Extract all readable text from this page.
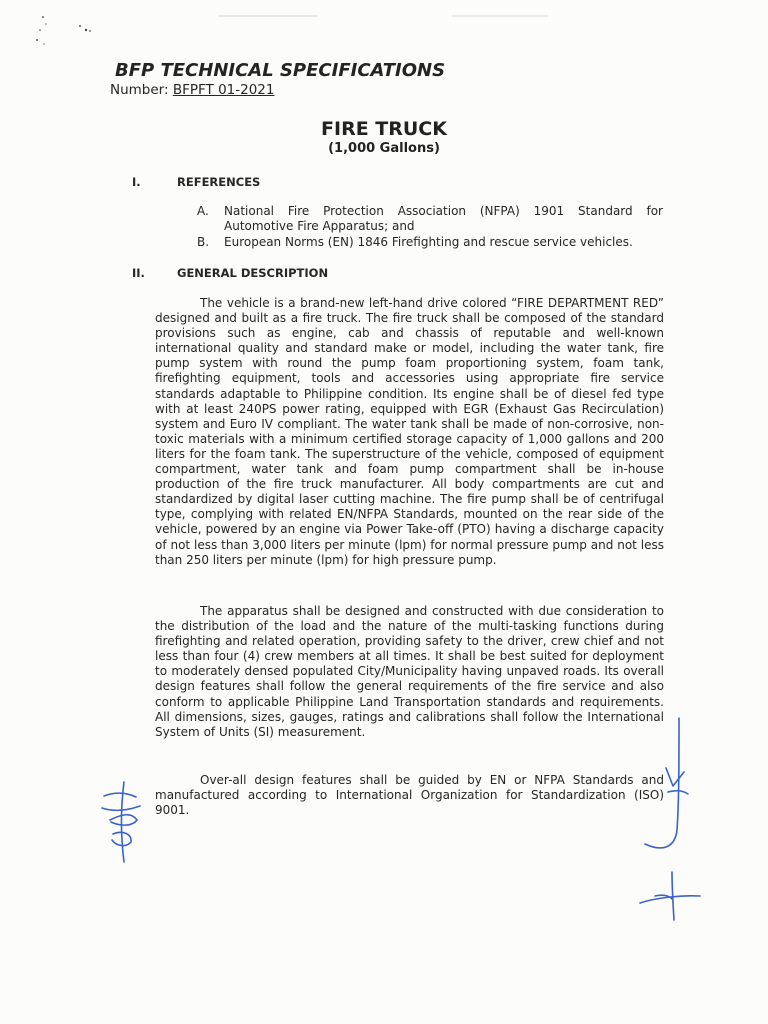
BFP TECHNICAL SPECIFICATIONS
Number: BFPFT 01-2021
FIRE TRUCK
(1,000 Gallons)
I.	REFERENCES
A. National Fire Protection Association (NFPA) 1901 Standard for Automotive Fire Apparatus; and
B. European Norms (EN) 1846 Firefighting and rescue service vehicles.
II.	GENERAL DESCRIPTION

The vehicle is a brand-new left-hand drive colored “FIRE DEPARTMENT RED” designed and built as a fire truck. The fire truck shall be composed of the standard provisions such as engine, cab and chassis of reputable and well-known international quality and standard make or model, including the water tank, fire pump system with round the pump foam proportioning system, foam tank, firefighting equipment, tools and accessories using appropriate fire service standards adaptable to Philippine condition. Its engine shall be of diesel fed type with at least 240PS power rating, equipped with EGR (Exhaust Gas Recirculation) system and Euro IV compliant. The water tank shall be made of non-corrosive, non-toxic materials with a minimum certified storage capacity of 1,000 gallons and 200 liters for the foam tank. The superstructure of the vehicle, composed of equipment compartment, water tank and foam pump compartment shall be in-house production of the fire truck manufacturer. All body compartments are cut and standardized by digital laser cutting machine. The fire pump shall be of centrifugal type, complying with related EN/NFPA Standards, mounted on the rear side of the vehicle, powered by an engine via Power Take-off (PTO) having a discharge capacity of not less than 3,000 liters per minute (lpm) for normal pressure pump and not less than 250 liters per minute (lpm) for high pressure pump.

The apparatus shall be designed and constructed with due consideration to the distribution of the load and the nature of the multi-tasking functions during firefighting and related operation, providing safety to the driver, crew chief and not less than four (4) crew members at all times. It shall be best suited for deployment to moderately densed populated City/Municipality having unpaved roads. Its overall design features shall follow the general requirements of the fire service and also conform to applicable Philippine Land Transportation standards and requirements. All dimensions, sizes, gauges, ratings and calibrations shall follow the International System of Units (SI) measurement.

Over-all design features shall be guided by EN or NFPA Standards and manufactured according to International Organization for Standardization (ISO) 9001.
